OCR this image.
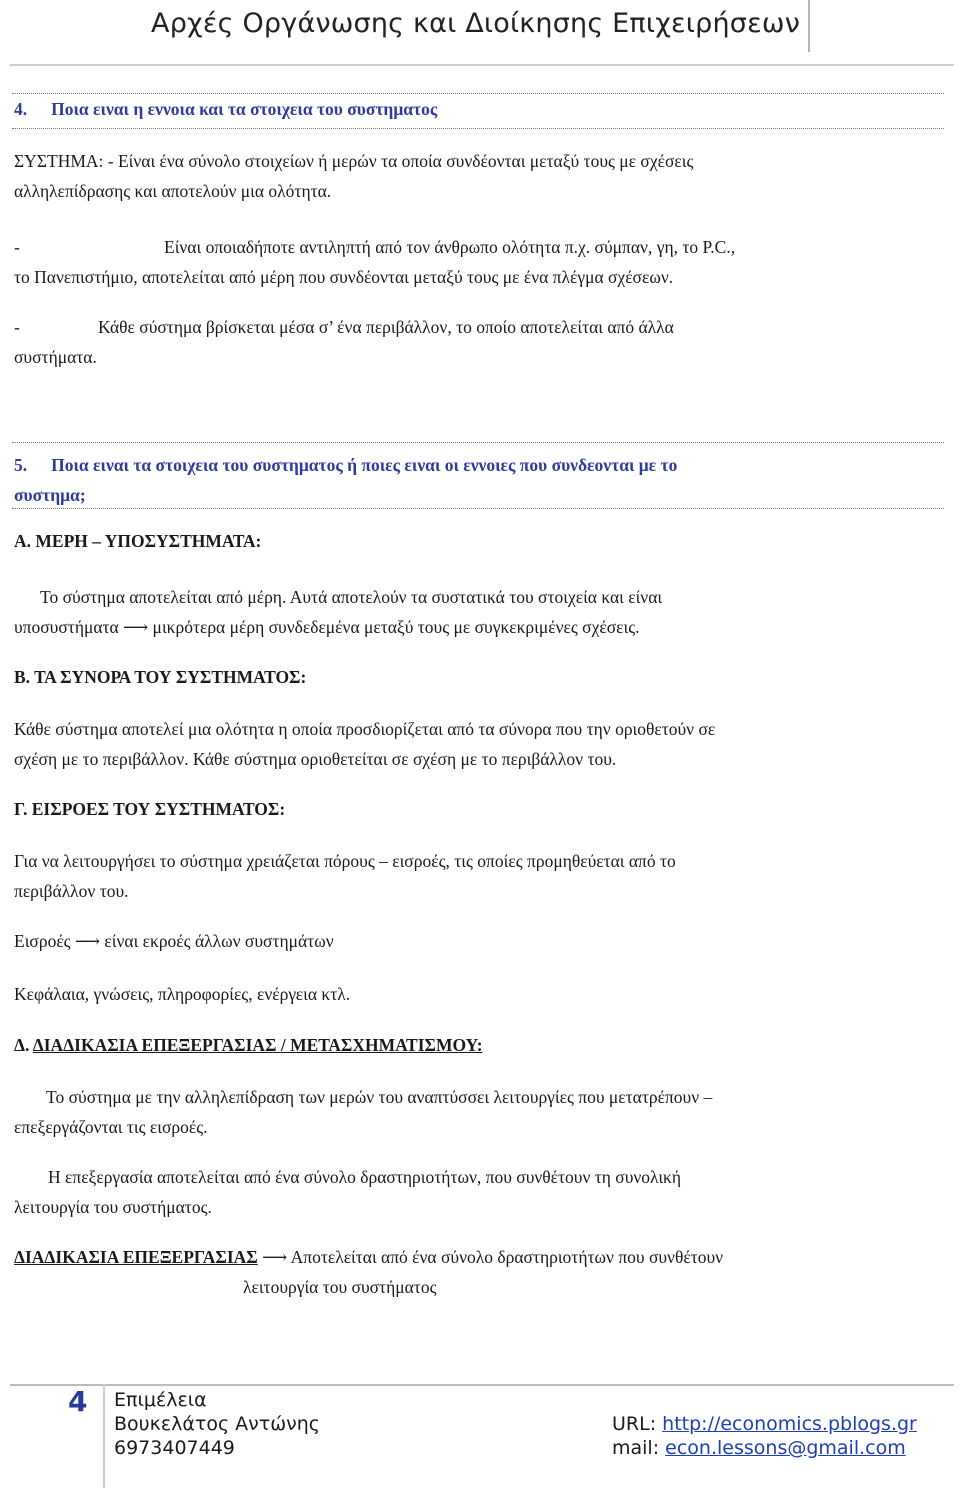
Αρχές Οργάνωσης και Διοίκησης Επιχειρήσεων
4. Ποια ειναι η εννοια και τα στοιχεια του συστηματος
ΣΥΣΤΗΜΑ: - Είναι ένα σύνολο στοιχείων ή μερών τα οποία συνδέονται μεταξύ τους με σχέσεις
αλληλεπίδρασης και αποτελούν μια ολότητα.
-	Είναι οποιαδήποτε αντιληπτή από τον άνθρωπο ολότητα π.χ. σύμπαν, γη, το P.C.,
το Πανεπιστήμιο, αποτελείται από μέρη που συνδέονται μεταξύ τους με ένα πλέγμα σχέσεων.
-	Κάθε σύστημα βρίσκεται μέσα σ’ ένα περιβάλλον, το οποίο αποτελείται από άλλα
συστήματα.
5. Ποια ειναι τα στοιχεια του συστηματος ή ποιες ειναι οι εννοιες που συνδεονται με το
συστημα;
Α. ΜΕΡΗ – ΥΠΟΣΥΣΤΗΜΑΤΑ:
Το σύστημα αποτελείται από μέρη. Αυτά αποτελούν τα συστατικά του στοιχεία και είναι
υποσυστήματα ⟶ μικρότερα μέρη συνδεδεμένα μεταξύ τους με συγκεκριμένες σχέσεις.
Β. ΤΑ ΣΥΝΟΡΑ ΤΟΥ ΣΥΣΤΗΜΑΤΟΣ:
Κάθε σύστημα αποτελεί μια ολότητα η οποία προσδιορίζεται από τα σύνορα που την οριοθετούν σε
σχέση με το περιβάλλον. Κάθε σύστημα οριοθετείται σε σχέση με το περιβάλλον του.
Γ. ΕΙΣΡΟΕΣ ΤΟΥ ΣΥΣΤΗΜΑΤΟΣ:
Για να λειτουργήσει το σύστημα χρειάζεται πόρους – εισροές, τις οποίες προμηθεύεται από το
περιβάλλον του.
Εισροές ⟶ είναι εκροές άλλων συστημάτων
Κεφάλαια, γνώσεις, πληροφορίες, ενέργεια κτλ.
Δ. ΔΙΑΔΙΚΑΣΙΑ ΕΠΕΞΕΡΓΑΣΙΑΣ / ΜΕΤΑΣΧΗΜΑΤΙΣΜΟΥ:
Το σύστημα με την αλληλεπίδραση των μερών του αναπτύσσει λειτουργίες που μετατρέπουν –
επεξεργάζονται τις εισροές.
Η επεξεργασία αποτελείται από ένα σύνολο δραστηριοτήτων, που συνθέτουν τη συνολική
λειτουργία του συστήματος.
ΔΙΑΔΙΚΑΣΙΑ ΕΠΕΞΕΡΓΑΣΙΑΣ ⟶ Αποτελείται από ένα σύνολο δραστηριοτήτων που συνθέτουν
λειτουργία του συστήματος
4 Επιμέλεια
Βουκελάτος Αντώνης
6973407449
URL: http://economics.pblogs.gr
mail: econ.lessons@gmail.com
